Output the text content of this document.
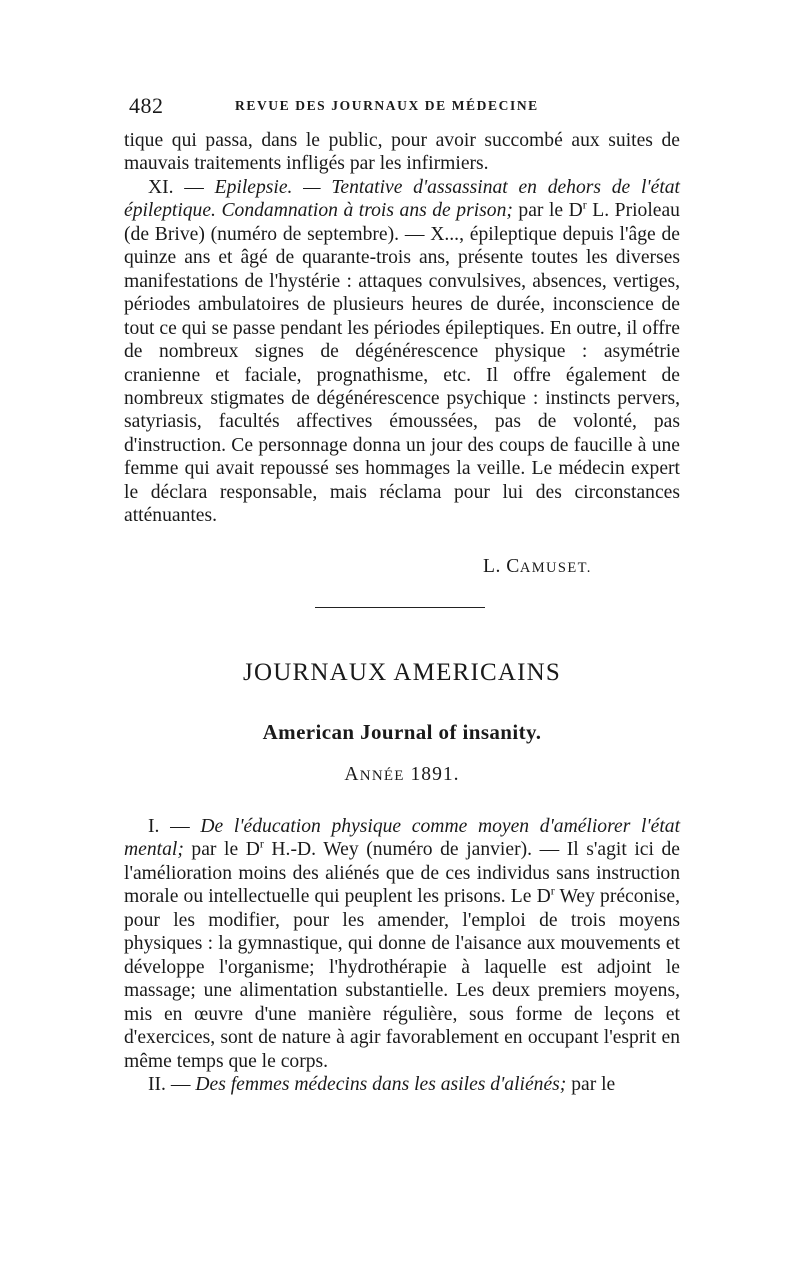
482	REVUE DES JOURNAUX DE MÉDECINE

tique qui passa, dans le public, pour avoir succombé aux suites de mauvais traitements infligés par les infirmiers.

XI. — Epilepsie. — Tentative d'assassinat en dehors de l'état épileptique. Condamnation à trois ans de prison; par le $D^r$ L. Prioleau (de Brive) (numéro de septembre). — X..., épileptique depuis l'âge de quinze ans et âgé de quarante-trois ans, présente toutes les diverses manifestations de l'hystérie : attaques convulsives, absences, vertiges, périodes ambulatoires de plusieurs heures de durée, inconscience de tout ce qui se passe pendant les périodes épileptiques. En outre, il offre de nombreux signes de dégénérescence physique : asymétrie cranienne et faciale, prognathisme, etc. Il offre également de nombreux stigmates de dégénérescence psychique : instincts pervers, satyriasis, facultés affectives émoussées, pas de volonté, pas d'instruction. Ce personnage donna un jour des coups de faucille à une femme qui avait repoussé ses hommages la veille. Le médecin expert le déclara responsable, mais réclama pour lui des circonstances atténuantes.

L. CAMUSET.
JOURNAUX AMERICAINS
American Journal of insanity.
ANNÉE 1891.

I. — De l'éducation physique comme moyen d'améliorer l'état mental; par le $D^r$ H.-D. Wey (numéro de janvier). — Il s'agit ici de l'amélioration moins des aliénés que de ces individus sans instruction morale ou intellectuelle qui peuplent les prisons. Le $D^r$ Wey préconise, pour les modifier, pour les amender, l'emploi de trois moyens physiques : la gymnastique, qui donne de l'aisance aux mouvements et développe l'organisme; l'hydrothérapie à laquelle est adjoint le massage; une alimentation substantielle. Les deux premiers moyens, mis en œuvre d'une manière régulière, sous forme de leçons et d'exercices, sont de nature à agir favorablement en occupant l'esprit en même temps que le corps.

II. — Des femmes médecins dans les asiles d'aliénés; par le
